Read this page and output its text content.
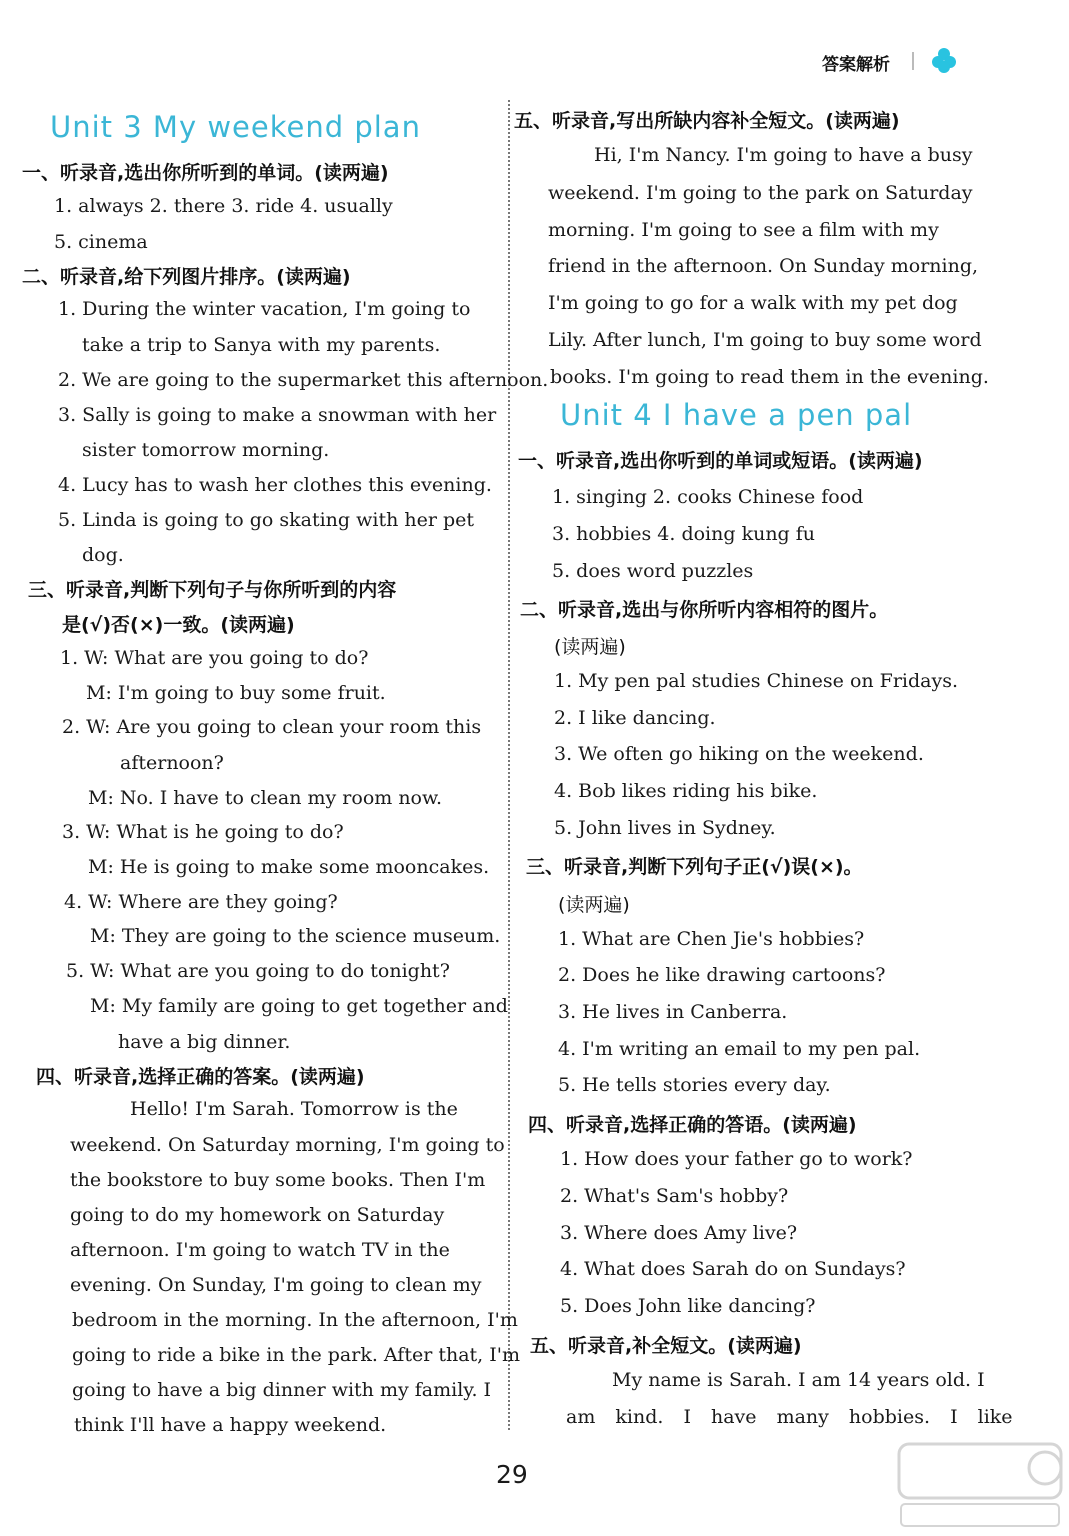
答案解析
Unit 3 My weekend plan
一、听录音,选出你所听到的单词。(读两遍)
1. always 2. there 3. ride 4. usually
5. cinema
二、听录音,给下列图片排序。(读两遍)
1. During the winter vacation, I'm going to
take a trip to Sanya with my parents.
2. We are going to the supermarket this afternoon.
3. Sally is going to make a snowman with her
sister tomorrow morning.
4. Lucy has to wash her clothes this evening.
5. Linda is going to go skating with her pet
dog.
三、听录音,判断下列句子与你所听到的内容
是(√)否(×)一致。(读两遍)
1. W: What are you going to do?
M: I'm going to buy some fruit.
2. W: Are you going to clean your room this
afternoon?
M: No. I have to clean my room now.
3. W: What is he going to do?
M: He is going to make some mooncakes.
4. W: Where are they going?
M: They are going to the science museum.
5. W: What are you going to do tonight?
M: My family are going to get together and
have a big dinner.
四、听录音,选择正确的答案。(读两遍)
Hello! I'm Sarah. Tomorrow is the
weekend. On Saturday morning, I'm going to
the bookstore to buy some books. Then I'm
going to do my homework on Saturday
afternoon. I'm going to watch TV in the
evening. On Sunday, I'm going to clean my
bedroom in the morning. In the afternoon, I'm
going to ride a bike in the park. After that, I'm
going to have a big dinner with my family. I
think I'll have a happy weekend.
五、听录音,写出所缺内容补全短文。(读两遍)
Hi, I'm Nancy. I'm going to have a busy
weekend. I'm going to the park on Saturday
morning. I'm going to see a film with my
friend in the afternoon. On Sunday morning,
I'm going to go for a walk with my pet dog
Lily. After lunch, I'm going to buy some word
books. I'm going to read them in the evening.
Unit 4 I have a pen pal
一、听录音,选出你听到的单词或短语。(读两遍)
1. singing 2. cooks Chinese food
3. hobbies 4. doing kung fu
5. does word puzzles
二、听录音,选出与你所听内容相符的图片。
(读两遍)
1. My pen pal studies Chinese on Fridays.
2. I like dancing.
3. We often go hiking on the weekend.
4. Bob likes riding his bike.
5. John lives in Sydney.
三、听录音,判断下列句子正(√)误(×)。
(读两遍)
1. What are Chen Jie's hobbies?
2. Does he like drawing cartoons?
3. He lives in Canberra.
4. I'm writing an email to my pen pal.
5. He tells stories every day.
四、听录音,选择正确的答语。(读两遍)
1. How does your father go to work?
2. What's Sam's hobby?
3. Where does Amy live?
4. What does Sarah do on Sundays?
5. Does John like dancing?
五、听录音,补全短文。(读两遍)
My name is Sarah. I am 14 years old. I
am kind. I have many hobbies. I like
29
